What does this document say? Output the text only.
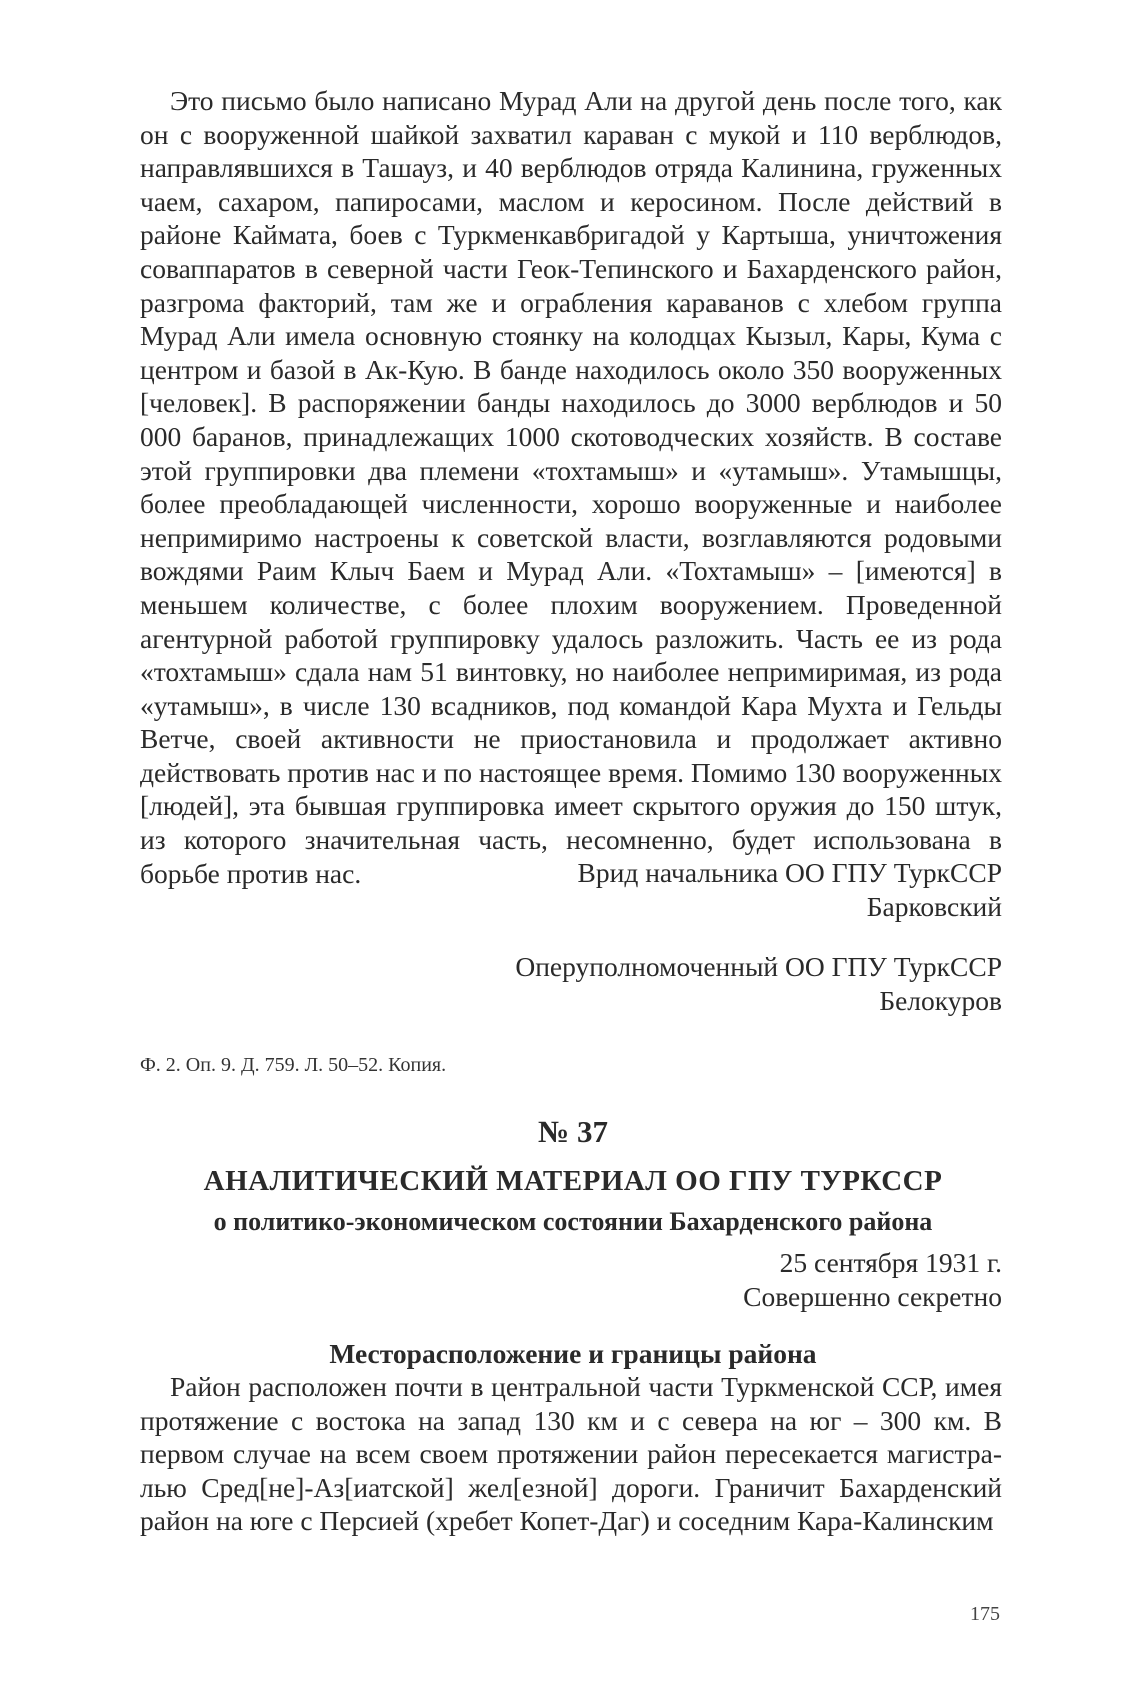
Это письмо было написано Мурад Али на другой день после того, как он с вооруженной шайкой захватил караван с мукой и 110 верблюдов, направлявшихся в Ташауз, и 40 верблюдов отряда Калинина, груженных чаем, сахаром, папиросами, маслом и керосином. После действий в районе Каймата, боев с Туркменкавбригадой у Картыша, уничтожения соваппаратов в северной части Геок-Тепинского и Бахарденского район, разгрома факторий, там же и ограбления караванов с хлебом группа Мурад Али имела основную стоянку на колодцах Кызыл, Кары, Кума с центром и базой в Ак-Кую. В банде находилось около 350 вооруженных [человек]. В распоряжении банды находилось до 3000 верблюдов и 50 000 баранов, принадлежащих 1000 скотоводческих хозяйств. В составе этой группировки два племени «тохтамыш» и «утамыш». Утамышцы, более преобладающей численности, хорошо вооруженные и наиболее непримиримо настроены к советской власти, возглавляются родовыми вождями Раим Клыч Баем и Мурад Али. «Тохтамыш» – [имеются] в меньшем количестве, с более плохим вооружением. Проведенной агентурной работой группировку удалось разложить. Часть ее из рода «тохтамыш» сдала нам 51 винтовку, но наиболее непримиримая, из рода «утамыш», в числе 130 всадников, под командой Кара Мухта и Гельды Ветче, своей активности не приостановила и продолжает активно действовать против нас и по настоящее время. Помимо 130 вооруженных [людей], эта бывшая группировка имеет скрытого оружия до 150 штук, из которого значительная часть, несомненно, будет использована в борьбе против нас.	Врид начальника ОО ГПУ ТуркССР
Барковский
Оперуполномоченный ОО ГПУ ТуркССР
Белокуров
Ф. 2. Оп. 9. Д. 759. Л. 50–52. Копия.
№ 37
АНАЛИТИЧЕСКИЙ МАТЕРИАЛ ОО ГПУ ТУРКССР
о политико-экономическом состоянии Бахарденского района
25 сентября 1931 г.
Совершенно секретно
Месторасположение и границы района

Район расположен почти в центральной части Туркменской ССР, имея протяжение с востока на запад 130 км и с севера на юг – 300 км. В первом случае на всем своем протяжении район пересекается магистралью Сред[не]-Аз[иатской] жел[езной] дороги. Граничит Бахарденский район на юге с Персией (хребет Копет-Даг) и соседним Кара-Калинским

175
